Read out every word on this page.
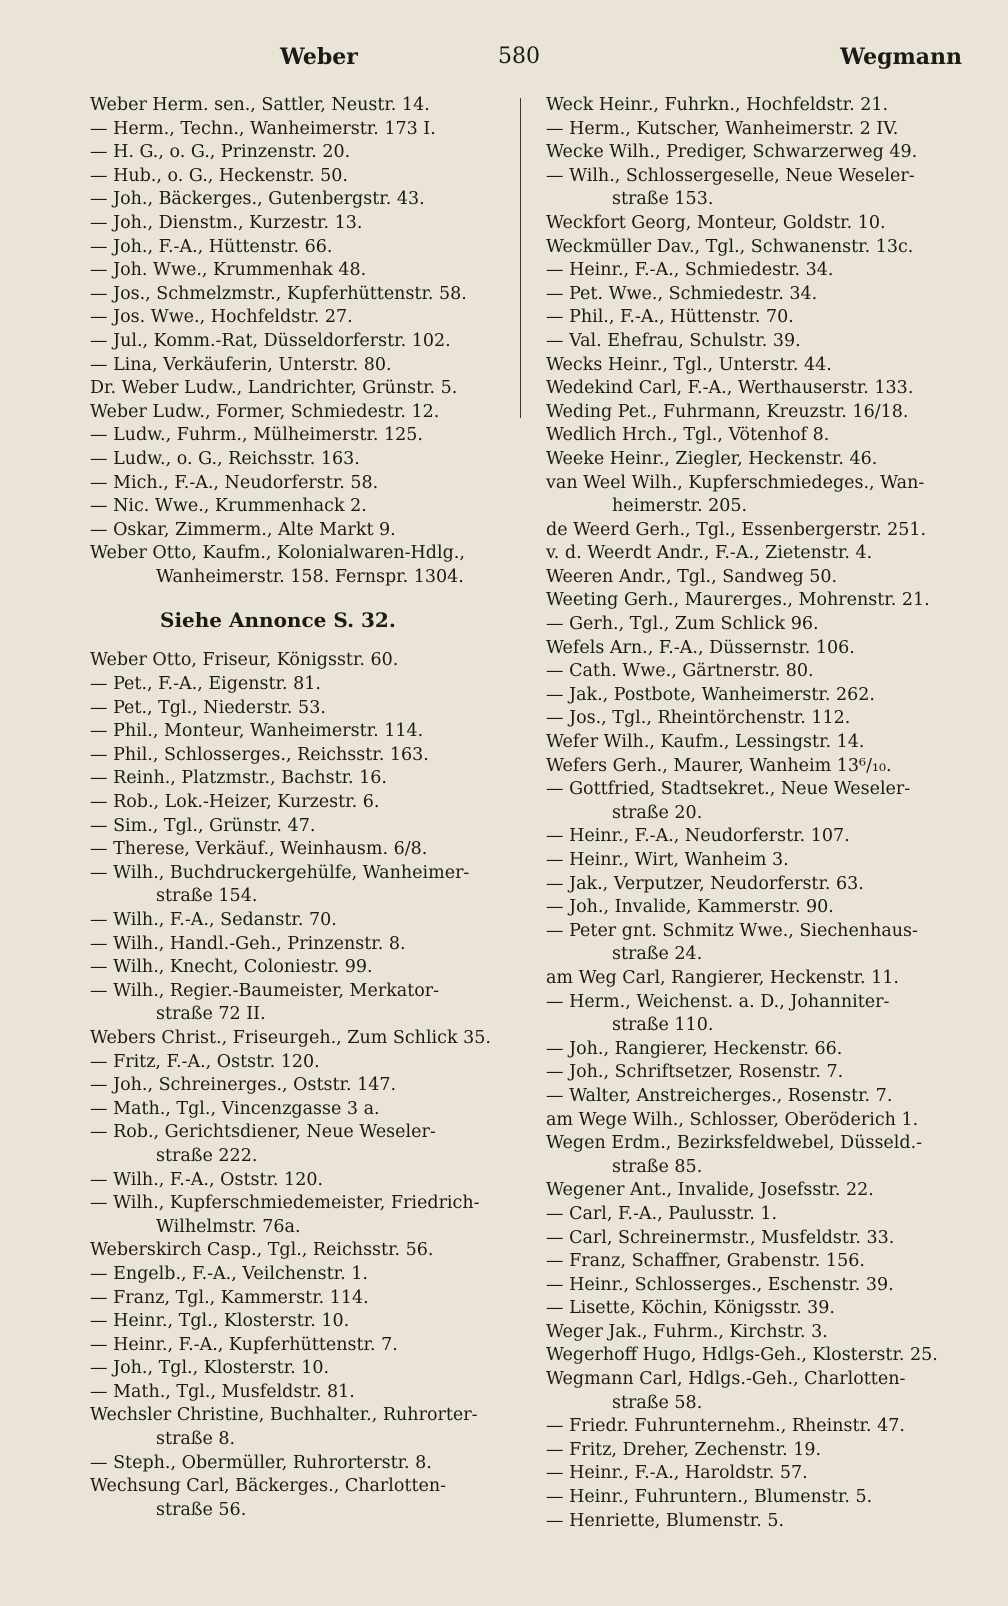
Weber	580	Wegmann
Weber Herm. sen., Sattler, Neustr. 14.
— Herm., Techn., Wanheimerstr. 173 I.
— H. G., o. G., Prinzenstr. 20.
— Hub., o. G., Heckenstr. 50.
— Joh., Bäckerges., Gutenbergstr. 43.
— Joh., Dienstm., Kurzestr. 13.
— Joh., F.-A., Hüttenstr. 66.
— Joh. Wwe., Krummenhak 48.
— Jos., Schmelzmstr., Kupferhüttenstr. 58.
— Jos. Wwe., Hochfeldstr. 27.
— Jul., Komm.-Rat, Düsseldorferstr. 102.
— Lina, Verkäuferin, Unterstr. 80.
Dr. Weber Ludw., Landrichter, Grünstr. 5.
Weber Ludw., Former, Schmiedestr. 12.
— Ludw., Fuhrm., Mülheimerstr. 125.
— Ludw., o. G., Reichsstr. 163.
— Mich., F.-A., Neudorferstr. 58.
— Nic. Wwe., Krummenhack 2.
— Oskar, Zimmerm., Alte Markt 9.
Weber Otto, Kaufm., Kolonialwaren-Hdlg.,
Wanheimerstr. 158. Fernspr. 1304.
Siehe Annonce S. 32.
Weber Otto, Friseur, Königsstr. 60.
— Pet., F.-A., Eigenstr. 81.
— Pet., Tgl., Niederstr. 53.
— Phil., Monteur, Wanheimerstr. 114.
— Phil., Schlosserges., Reichsstr. 163.
— Reinh., Platzmstr., Bachstr. 16.
— Rob., Lok.-Heizer, Kurzestr. 6.
— Sim., Tgl., Grünstr. 47.
— Therese, Verkäuf., Weinhausm. 6/8.
— Wilh., Buchdruckergehülfe, Wanheimer-
straße 154.
— Wilh., F.-A., Sedanstr. 70.
— Wilh., Handl.-Geh., Prinzenstr. 8.
— Wilh., Knecht, Coloniestr. 99.
— Wilh., Regier.-Baumeister, Merkator-
straße 72 II.
Webers Christ., Friseurgeh., Zum Schlick 35.
— Fritz, F.-A., Oststr. 120.
— Joh., Schreinerges., Oststr. 147.
— Math., Tgl., Vincenzgasse 3 a.
— Rob., Gerichtsdiener, Neue Weseler-
straße 222.
— Wilh., F.-A., Oststr. 120.
— Wilh., Kupferschmiedemeister, Friedrich-
Wilhelmstr. 76a.
Weberskirch Casp., Tgl., Reichsstr. 56.
— Engelb., F.-A., Veilchenstr. 1.
— Franz, Tgl., Kammerstr. 114.
— Heinr., Tgl., Klosterstr. 10.
— Heinr., F.-A., Kupferhüttenstr. 7.
— Joh., Tgl., Klosterstr. 10.
— Math., Tgl., Musfeldstr. 81.
Wechsler Christine, Buchhalter., Ruhrorter-
straße 8.
— Steph., Obermüller, Ruhrorterstr. 8.
Wechsung Carl, Bäckerges., Charlotten-
straße 56.
Weck Heinr., Fuhrkn., Hochfeldstr. 21.
— Herm., Kutscher, Wanheimerstr. 2 IV.
Wecke Wilh., Prediger, Schwarzerweg 49.
— Wilh., Schlossergeselle, Neue Weseler-
straße 153.
Weckfort Georg, Monteur, Goldstr. 10.
Weckmüller Dav., Tgl., Schwanenstr. 13c.
— Heinr., F.-A., Schmiedestr. 34.
— Pet. Wwe., Schmiedestr. 34.
— Phil., F.-A., Hüttenstr. 70.
— Val. Ehefrau, Schulstr. 39.
Wecks Heinr., Tgl., Unterstr. 44.
Wedekind Carl, F.-A., Werthauserstr. 133.
Weding Pet., Fuhrmann, Kreuzstr. 16/18.
Wedlich Hrch., Tgl., Vötenhof 8.
Weeke Heinr., Ziegler, Heckenstr. 46.
van Weel Wilh., Kupferschmiedeges., Wan-
heimerstr. 205.
de Weerd Gerh., Tgl., Essenbergerstr. 251.
v. d. Weerdt Andr., F.-A., Zietenstr. 4.
Weeren Andr., Tgl., Sandweg 50.
Weeting Gerh., Maurerges., Mohrenstr. 21.
— Gerh., Tgl., Zum Schlick 96.
Wefels Arn., F.-A., Düssernstr. 106.
— Cath. Wwe., Gärtnerstr. 80.
— Jak., Postbote, Wanheimerstr. 262.
— Jos., Tgl., Rheintörchenstr. 112.
Wefer Wilh., Kaufm., Lessingstr. 14.
Wefers Gerh., Maurer, Wanheim 13⁶/₁₀.
— Gottfried, Stadtsekret., Neue Weseler-
straße 20.
— Heinr., F.-A., Neudorferstr. 107.
— Heinr., Wirt, Wanheim 3.
— Jak., Verputzer, Neudorferstr. 63.
— Joh., Invalide, Kammerstr. 90.
— Peter gnt. Schmitz Wwe., Siechenhaus-
straße 24.
am Weg Carl, Rangierer, Heckenstr. 11.
— Herm., Weichenst. a. D., Johanniter-
straße 110.
— Joh., Rangierer, Heckenstr. 66.
— Joh., Schriftsetzer, Rosenstr. 7.
— Walter, Anstreicherges., Rosenstr. 7.
am Wege Wilh., Schlosser, Oberöderich 1.
Wegen Erdm., Bezirksfeldwebel, Düsseld.-
straße 85.
Wegener Ant., Invalide, Josefsstr. 22.
— Carl, F.-A., Paulusstr. 1.
— Carl, Schreinermstr., Musfeldstr. 33.
— Franz, Schaffner, Grabenstr. 156.
— Heinr., Schlosserges., Eschenstr. 39.
— Lisette, Köchin, Königsstr. 39.
Weger Jak., Fuhrm., Kirchstr. 3.
Wegerhoff Hugo, Hdlgs-Geh., Klosterstr. 25.
Wegmann Carl, Hdlgs.-Geh., Charlotten-
straße 58.
— Friedr. Fuhrunternehm., Rheinstr. 47.
— Fritz, Dreher, Zechenstr. 19.
— Heinr., F.-A., Haroldstr. 57.
— Heinr., Fuhruntern., Blumenstr. 5.
— Henriette, Blumenstr. 5.
